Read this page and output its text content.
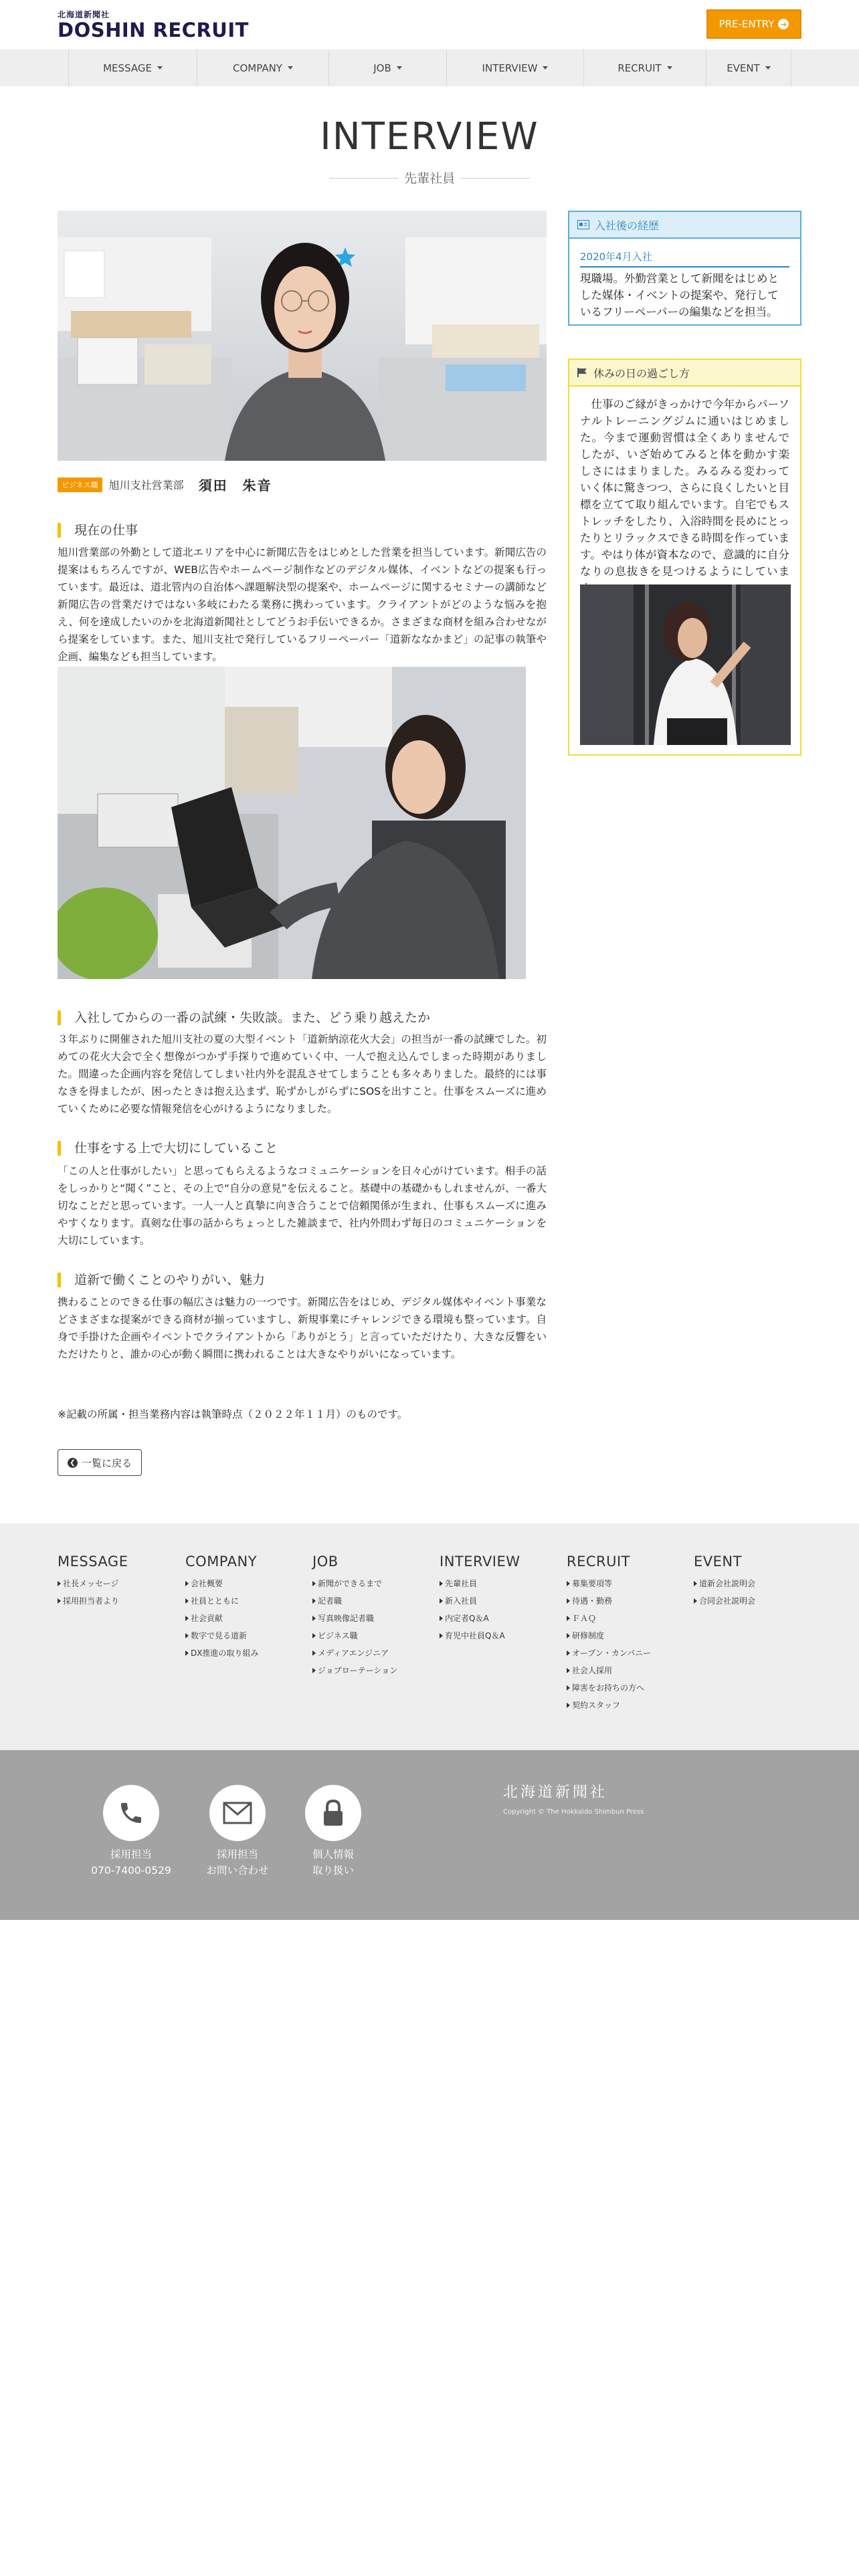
北海道新聞社
DOSHIN RECRUIT	PRE-ENTRY ➔
MESSAGE	COMPANY	JOB	INTERVIEW	RECRUIT	EVENT
INTERVIEW
先輩社員
ビジネス職	旭川支社営業部 須田　朱音
現在の仕事

旭川営業部の外勤として道北エリアを中心に新聞広告をはじめとした営業を担当しています。新聞広告の提案はもちろんですが、WEB広告やホームページ制作などのデジタル媒体、イベントなどの提案も行っています。最近は、道北管内の自治体へ課題解決型の提案や、ホームページに関するセミナーの講師など新聞広告の営業だけではない多岐にわたる業務に携わっています。クライアントがどのような悩みを抱え、何を達成したいのかを北海道新聞社としてどうお手伝いできるか。さまざまな商材を組み合わせながら提案をしています。また、旭川支社で発行しているフリーペーパー「道新ななかまど」の記事の執筆や企画、編集なども担当しています。

入社してからの一番の試練・失敗談。また、どう乗り越えたか

３年ぶりに開催された旭川支社の夏の大型イベント「道新納涼花火大会」の担当が一番の試練でした。初めての花火大会で全く想像がつかず手探りで進めていく中、一人で抱え込んでしまった時期がありました。間違った企画内容を発信してしまい社内外を混乱させてしまうことも多々ありました。最終的には事なきを得ましたが、困ったときは抱え込まず、恥ずかしがらずにSOSを出すこと。仕事をスムーズに進めていくために必要な情報発信を心がけるようになりました。

仕事をする上で大切にしていること

「この人と仕事がしたい」と思ってもらえるようなコミュニケーションを日々心がけています。相手の話をしっかりと“聞く”こと、その上で“自分の意見”を伝えること。基礎中の基礎かもしれませんが、一番大切なことだと思っています。一人一人と真摯に向き合うことで信頼関係が生まれ、仕事もスムーズに進みやすくなります。真剣な仕事の話からちょっとした雑談まで、社内外問わず毎日のコミュニケーションを大切にしています。

道新で働くことのやりがい、魅力

携わることのできる仕事の幅広さは魅力の一つです。新聞広告をはじめ、デジタル媒体やイベント事業などさまざまな提案ができる商材が揃っていますし、新規事業にチャレンジできる環境も整っています。自身で手掛けた企画やイベントでクライアントから「ありがとう」と言っていただけたり、大きな反響をいただけたりと、誰かの心が動く瞬間に携われることは大きなやりがいになっています。

※記載の所属・担当業務内容は執筆時点（２０２２年１１月）のものです。
❮ 一覧に戻る
入社後の経歴
2020年4月入社

現職場。外勤営業として新聞をはじめとした媒体・イベントの提案や、発行しているフリーペーパーの編集などを担当。

休みの日の過ごし方

仕事のご縁がきっかけで今年からパーソナルトレーニングジムに通いはじめました。今まで運動習慣は全くありませんでしたが、いざ始めてみると体を動かす楽しさにはまりました。みるみる変わっていく体に驚きつつ、さらに良くしたいと目標を立てて取り組んでいます。自宅でもストレッチをしたり、入浴時間を長めにとったりとリラックスできる時間を作っています。やはり体が資本なので、意識的に自分なりの息抜きを見つけるようにしていま

MESSAGE
社長メッセージ
採用担当者より
COMPANY
会社概要
社員とともに
社会貢献
数字で見る道新
DX推進の取り組み
JOB
新聞ができるまで
記者職
写真映像記者職
ビジネス職
メディアエンジニア
ジョブローテーション
INTERVIEW
先輩社員
新入社員
内定者Q＆A
育児中社員Q＆A
RECRUIT
募集要項等
待遇・勤務
ＦＡＱ
研修制度
オープン・カンパニー
社会人採用
障害をお持ちの方へ
契約スタッフ
EVENT
道新会社説明会
合同会社説明会
採用担当
070-7400-0529
採用担当
お問い合わせ
個人情報
取り扱い
北海道新聞社
Copyright © The Hokkaido Shimbun Press
